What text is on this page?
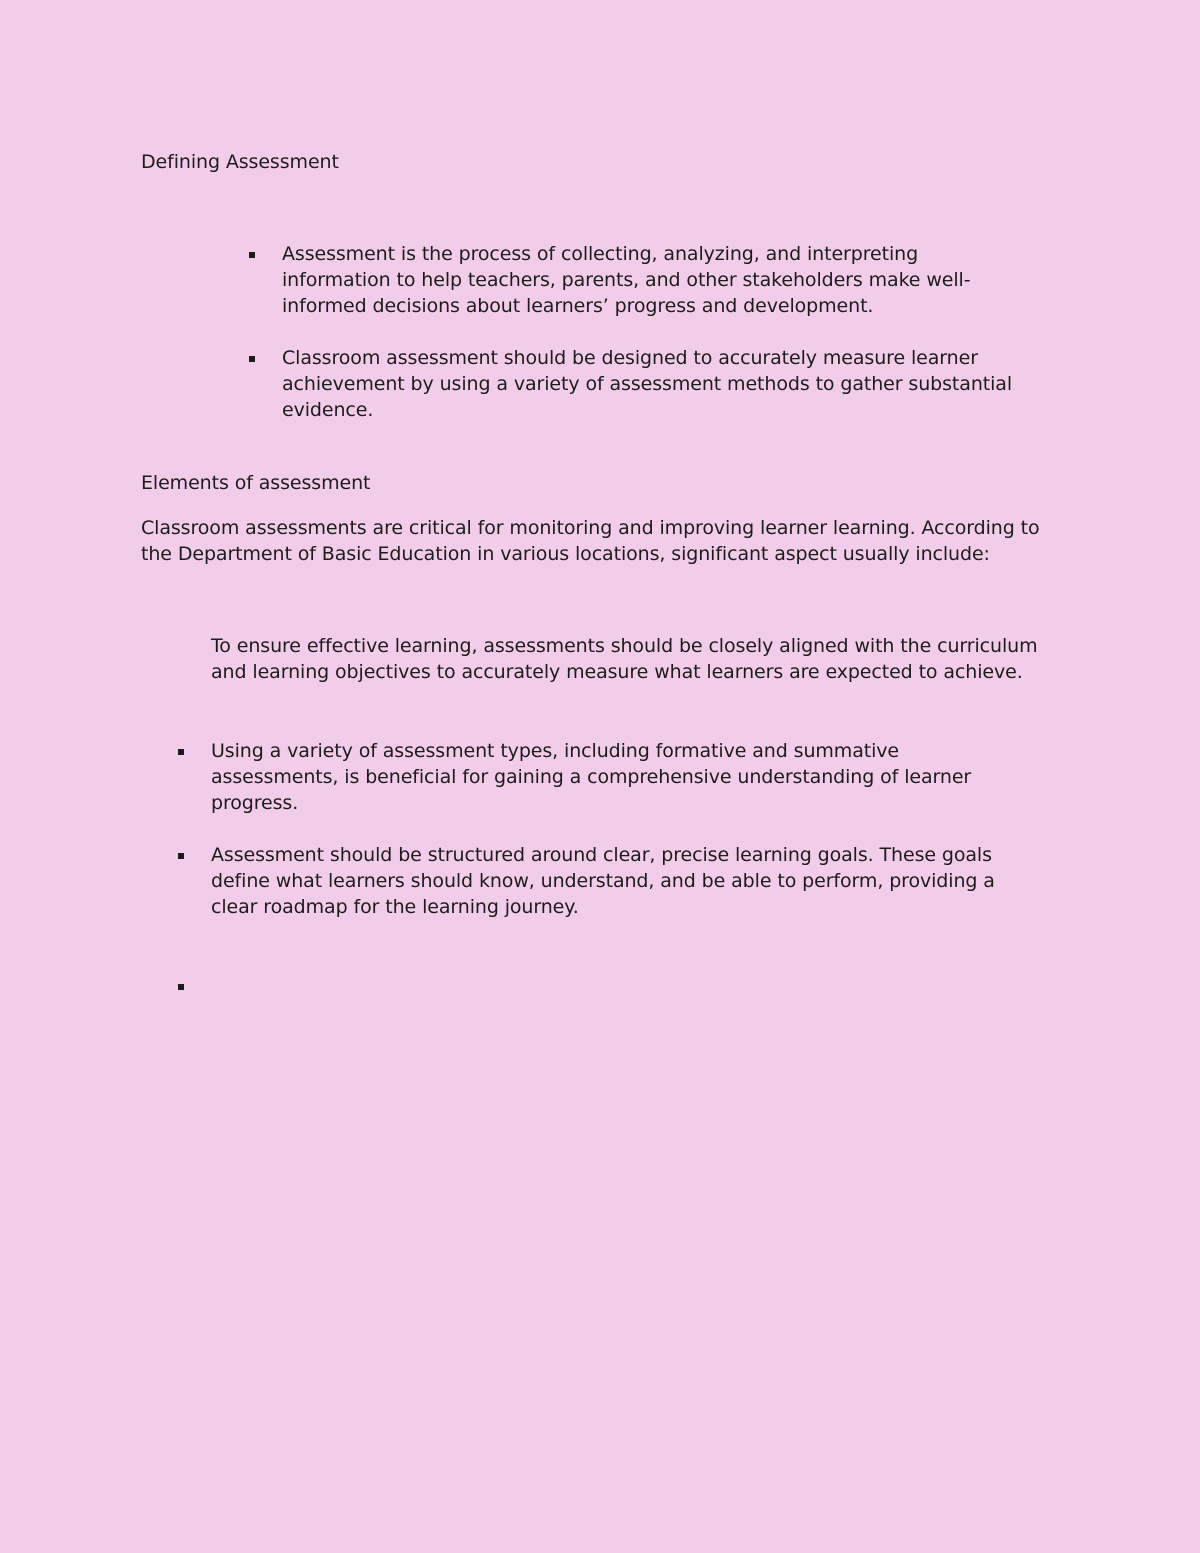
Defining Assessment

Assessment is the process of collecting, analyzing, and interpreting information to help teachers, parents, and other stakeholders make well-informed decisions about learners’ progress and development.

Classroom assessment should be designed to accurately measure learner achievement by using a variety of assessment methods to gather substantial evidence.

Elements of assessment

Classroom assessments are critical for monitoring and improving learner learning. According to the Department of Basic Education in various locations, significant aspect usually include:

To ensure effective learning, assessments should be closely aligned with the curriculum and learning objectives to accurately measure what learners are expected to achieve.

Using a variety of assessment types, including formative and summative assessments, is beneficial for gaining a comprehensive understanding of learner progress.

Assessment should be structured around clear, precise learning goals. These goals define what learners should know, understand, and be able to perform, providing a clear roadmap for the learning journey.
